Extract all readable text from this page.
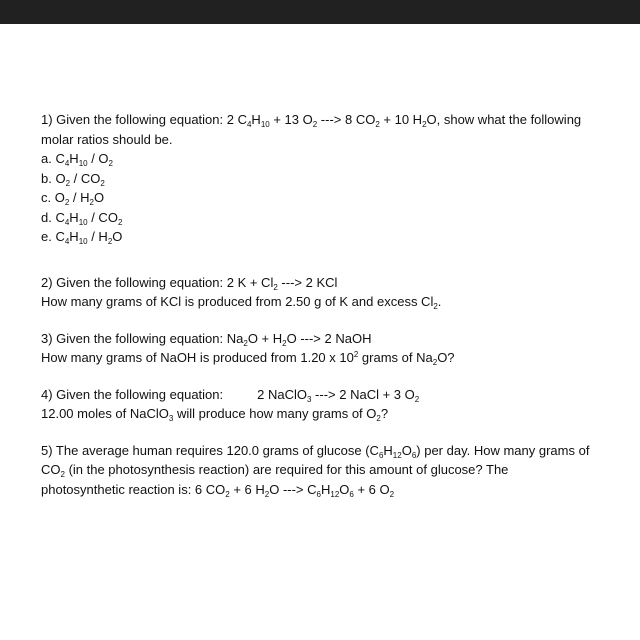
1) Given the following equation: 2 $C_4H_{10} + 13$ $O_2$ ---> 8 $CO_2 + 10$ $H_2O$, show what the following
molar ratios should be.
a. $C_4H_{10} / O_2$
b. $O_2 / CO_2$
c. $O_2 / H_2O$
d. $C_4H_{10} / CO_2$
e. $C_4H_{10} / H_2O$
2) Given the following equation: 2 $K + Cl_2$ ---> 2 KCl
How many grams of KCl is produced from 2.50 g of K and excess $Cl_2$.
3) Given the following equation: $Na_2O + H_2O$ ---> 2 NaOH
How many grams of NaOH is produced from 1.20 x $10^2$ grams of $Na_2O$?
4) Given the following equation:	2 NaClO$_3$ ---> 2 NaCl + 3 $O_2$
12.00 moles of NaClO$_3$ will produce how many grams of $O_2$?
5) The average human requires 120.0 grams of glucose $(C_6H_{12}O_6)$ per day. How many grams of
$CO_2$ (in the photosynthesis reaction) are required for this amount of glucose? The
photosynthetic reaction is: 6 $CO_2 + 6$ $H_2O$ ---> $C_6H_{12}O_6 + 6$ $O_2$
